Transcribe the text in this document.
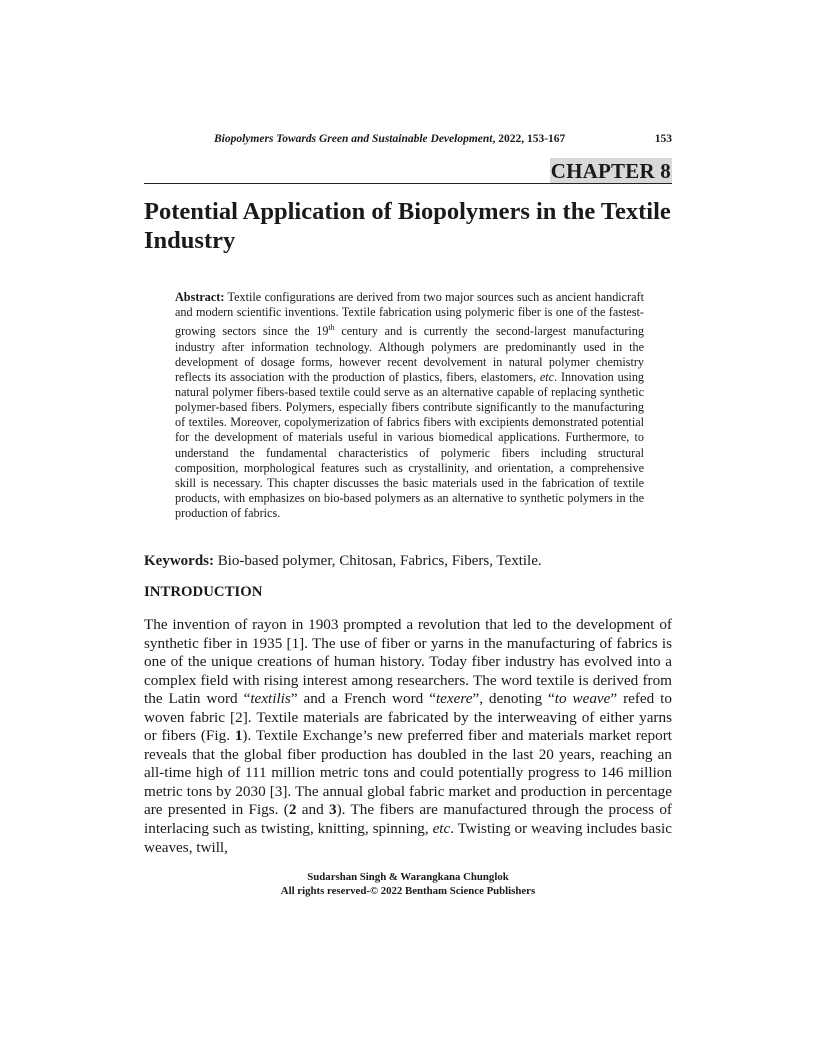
Biopolymers Towards Green and Sustainable Development, 2022, 153-167	153
CHAPTER 8
Potential Application of Biopolymers in the Textile Industry

Abstract: Textile configurations are derived from two major sources such as ancient handicraft and modern scientific inventions. Textile fabrication using polymeric fiber is one of the fastest-growing sectors since the 19th century and is currently the second-largest manufacturing industry after information technology. Although polymers are predominantly used in the development of dosage forms, however recent devolvement in natural polymer chemistry reflects its association with the production of plastics, fibers, elastomers, etc. Innovation using natural polymer fibers-based textile could serve as an alternative capable of replacing synthetic polymer-based fibers. Polymers, especially fibers contribute significantly to the manufacturing of textiles. Moreover, copolymerization of fabrics fibers with excipients demonstrated potential for the development of materials useful in various biomedical applications. Furthermore, to understand the fundamental characteristics of polymeric fibers including structural composition, morphological features such as crystallinity, and orientation, a comprehensive skill is necessary. This chapter discusses the basic materials used in the fabrication of textile products, with emphasizes on bio-based polymers as an alternative to synthetic polymers in the production of fabrics.

Keywords: Bio-based polymer, Chitosan, Fabrics, Fibers, Textile.

INTRODUCTION

The invention of rayon in 1903 prompted a revolution that led to the development of synthetic fiber in 1935 [1]. The use of fiber or yarns in the manufacturing of fabrics is one of the unique creations of human history. Today fiber industry has evolved into a complex field with rising interest among researchers. The word textile is derived from the Latin word “textilis” and a French word “texere”, denoting “to weave” refed to woven fabric [2]. Textile materials are fabricated by the interweaving of either yarns or fibers (Fig. 1). Textile Exchange’s new preferred fiber and materials market report reveals that the global fiber production has doubled in the last 20 years, reaching an all-time high of 111 million metric tons and could potentially progress to 146 million metric tons by 2030 [3]. The annual global fabric market and production in percentage are presented in Figs. (2 and 3). The fibers are manufactured through the process of interlacing such as twisting, knitting, spinning, etc. Twisting or weaving includes basic weaves, twill,

Sudarshan Singh & Warangkana Chunglok
All rights reserved-© 2022 Bentham Science Publishers
